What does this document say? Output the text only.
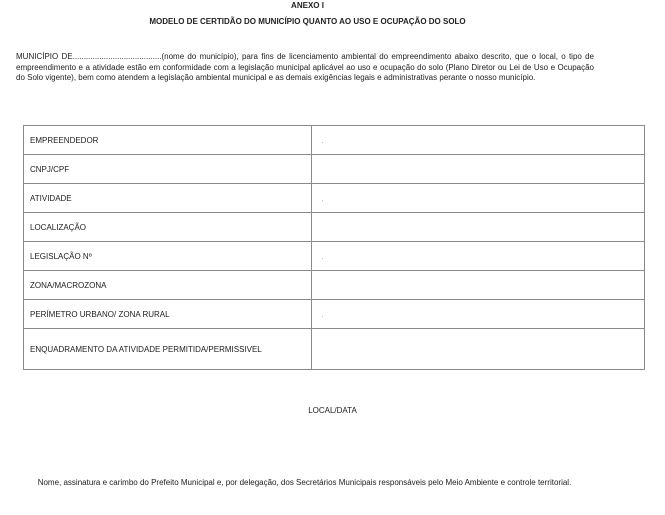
ANEXO I
MODELO DE CERTIDÃO DO MUNICÍPIO QUANTO AO USO E OCUPAÇÃO DO SOLO
MUNICÍPIO DE........................................(nome do município), para fins de licenciamento ambiental do empreendimento abaixo descrito, que o local, o tipo de empreendimento e a atividade estão em conformidade com a legislação municipal aplicável ao uso e ocupação do solo (Plano Diretor ou Lei de Uso e Ocupação do Solo vigente), bem como atendem a legislação ambiental municipal e as demais exigências legais e administrativas perante o nosso município.
EMPREENDEDOR	
CNPJ/CPF	
ATIVIDADE	
LOCALIZAÇÃO	
LEGISLAÇÃO Nº	
ZONA/MACROZONA	
PERÍMETRO URBANO/ ZONA RURAL	
ENQUADRAMENTO DA ATIVIDADE PERMITIDA/PERMISSIVEL	
LOCAL/DATA
Nome, assinatura e carimbo do Prefeito Municipal e, por delegação, dos Secretários Municipais responsáveis pelo Meio Ambiente e controle territorial.
